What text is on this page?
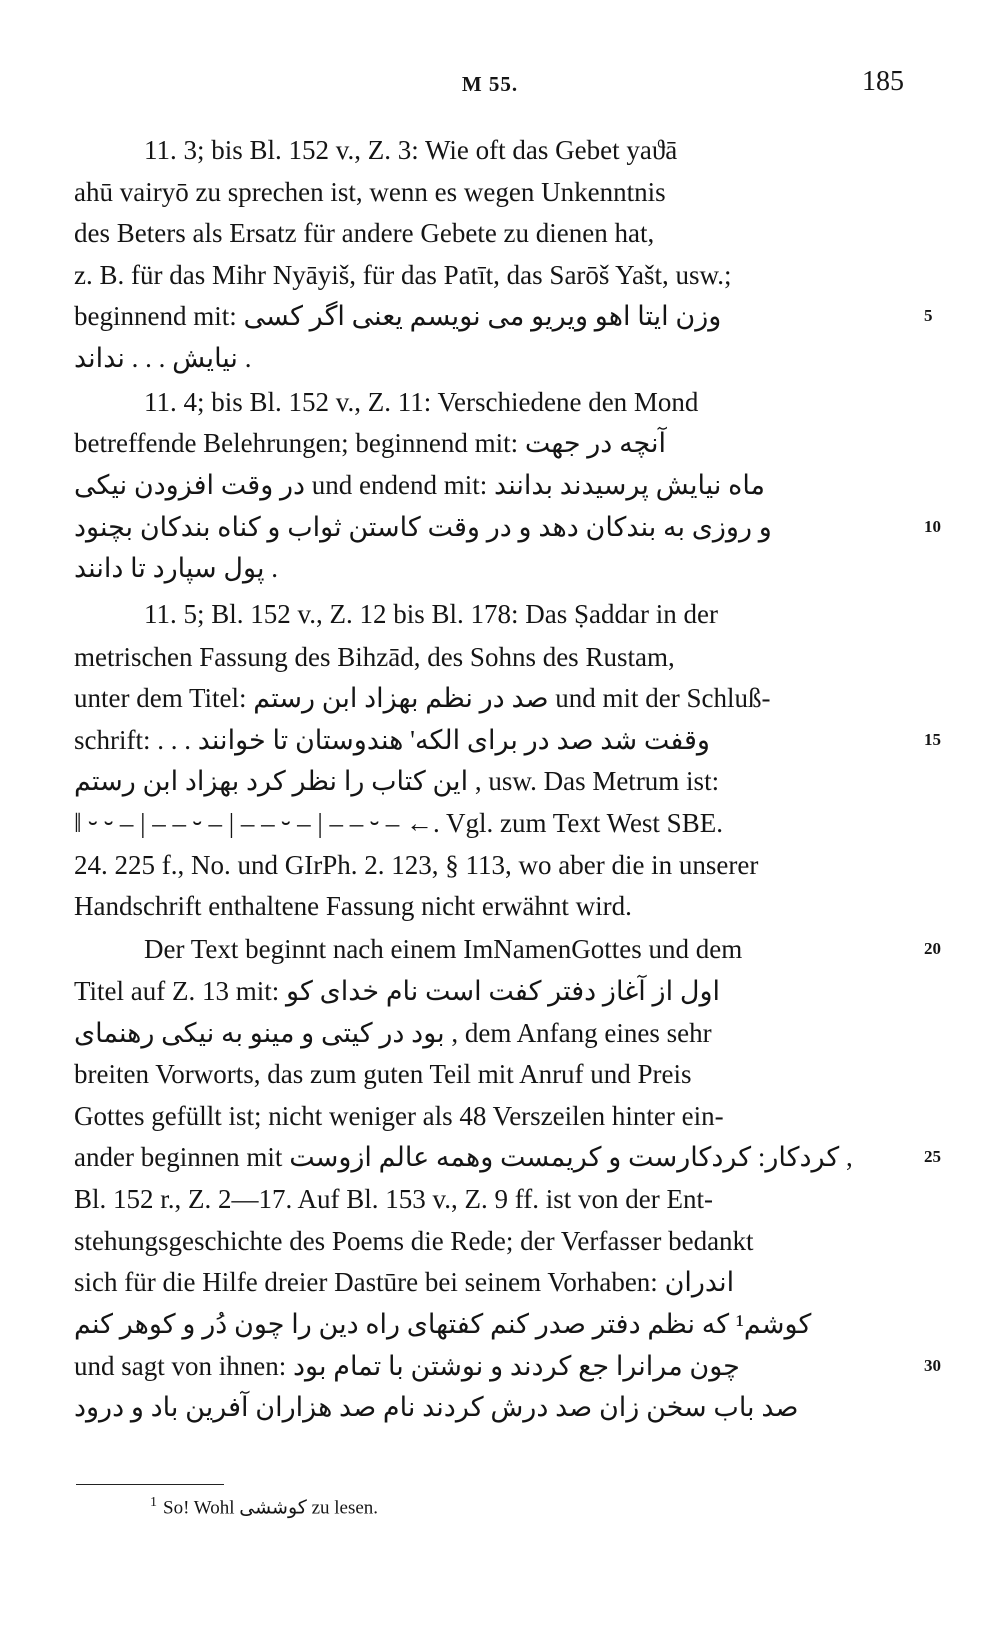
M 55.	185
11. 3; bis Bl. 152 v., Z. 3: Wie oft das Gebet yaϑā
ahū vairyō zu sprechen ist, wenn es wegen Unkenntnis
des Beters als Ersatz für andere Gebete zu dienen hat,
z. B. für das Mihr Nyāyiš, für das Patīt, das Sarōš Yašt, usw.;
beginnend mit: وزن ایتا اهو ویریو می نویسم یعنی اگر کسی	5
نیایش . . . نداند .
11. 4; bis Bl. 152 v., Z. 11: Verschiedene den Mond
betreffende Belehrungen; beginnend mit: آنچه در جهت
در وقت افزودن نیکی und endend mit: ماه نیایش پرسیدند بدانند
و روزی به بندکان دهد و در وقت کاستن ثواب و کناه بندکان بچنود	10
پول سپارد تا دانند .
11. 5; Bl. 152 v., Z. 12 bis Bl. 178: Das Ṣaddar in der
metrischen Fassung des Bihzād, des Sohns des Rustam,
unter dem Titel: صد در نظم بهزاد ابن رستم und mit der Schluß-
schrift: . . . وقفت شد صد در برای الکه' هندوستان تا خوانند	15
این کتاب را نظر کرد بهزاد ابن رستم , usw. Das Metrum ist:
‖ ⏑ ⏑ – | – – ⏑ – | – – ⏑ – | – – ⏑ – ←. Vgl. zum Text West SBE.
24. 225 f., No. und GIrPh. 2. 123, § 113, wo aber die in unserer
Handschrift enthaltene Fassung nicht erwähnt wird.
Der Text beginnt nach einem ImNamenGottes und dem	20
Titel auf Z. 13 mit: اول از آغاز دفتر کفت است نام خدای کو
بود در کیتی و مینو به نیکی رهنمای , dem Anfang eines sehr
breiten Vorworts, das zum guten Teil mit Anruf und Preis
Gottes gefüllt ist; nicht weniger als 48 Verszeilen hinter ein-
ander beginnen mit کردکار: کردکارست و کریمست وهمه عالم ازوست ,	25
Bl. 152 r., Z. 2—17. Auf Bl. 153 v., Z. 9 ff. ist von der Ent-
stehungsgeschichte des Poems die Rede; der Verfasser bedankt
sich für die Hilfe dreier Dastūre bei seinem Vorhaben: اندران
کوشم¹ که نظم دفتر صدر کنم کفتهای راه دین را چون دُر و کوهر کنم
und sagt von ihnen: چون مرانرا جع کردند و نوشتن با تمام بود	30
صد باب سخن زان صد درش کردند نام صد هزاران آفرین باد و درود
$^1$ So! Wohl کوششی zu lesen.
